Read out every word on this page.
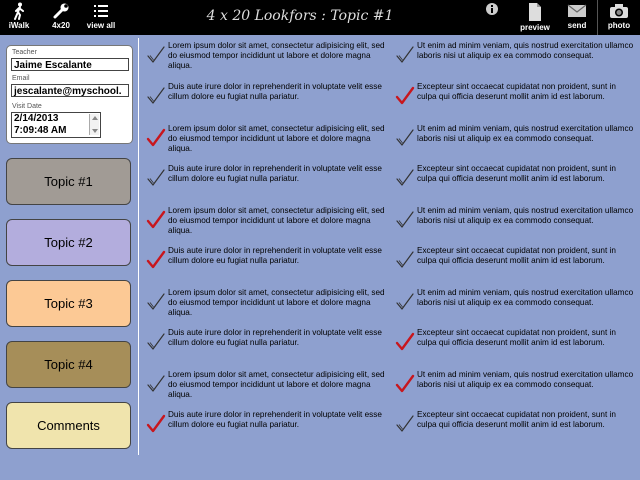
iWalk	4x20	view all
4 x 20 Lookfors : Topic #1
preview	send	photo
Teacher
Jaime Escalante
Email
jescalante@myschool.
Visit Date
2/14/2013
7:09:48 AM
Topic #1
Topic #2
Topic #3
Topic #4
Comments
Lorem ipsum dolor sit amet, consectetur adipisicing elit, sed do eiusmod tempor incididunt ut labore et dolore magna aliqua.
Ut enim ad minim veniam, quis nostrud exercitation ullamco laboris nisi ut aliquip ex ea commodo consequat.
Duis aute irure dolor in reprehenderit in voluptate velit esse cillum dolore eu fugiat nulla pariatur.
Excepteur sint occaecat cupidatat non proident, sunt in culpa qui officia deserunt mollit anim id est laborum.
Lorem ipsum dolor sit amet, consectetur adipisicing elit, sed do eiusmod tempor incididunt ut labore et dolore magna aliqua.
Ut enim ad minim veniam, quis nostrud exercitation ullamco laboris nisi ut aliquip ex ea commodo consequat.
Duis aute irure dolor in reprehenderit in voluptate velit esse cillum dolore eu fugiat nulla pariatur.
Excepteur sint occaecat cupidatat non proident, sunt in culpa qui officia deserunt mollit anim id est laborum.
Lorem ipsum dolor sit amet, consectetur adipisicing elit, sed do eiusmod tempor incididunt ut labore et dolore magna aliqua.
Ut enim ad minim veniam, quis nostrud exercitation ullamco laboris nisi ut aliquip ex ea commodo consequat.
Duis aute irure dolor in reprehenderit in voluptate velit esse cillum dolore eu fugiat nulla pariatur.
Excepteur sint occaecat cupidatat non proident, sunt in culpa qui officia deserunt mollit anim id est laborum.
Lorem ipsum dolor sit amet, consectetur adipisicing elit, sed do eiusmod tempor incididunt ut labore et dolore magna aliqua.
Ut enim ad minim veniam, quis nostrud exercitation ullamco laboris nisi ut aliquip ex ea commodo consequat.
Duis aute irure dolor in reprehenderit in voluptate velit esse cillum dolore eu fugiat nulla pariatur.
Excepteur sint occaecat cupidatat non proident, sunt in culpa qui officia deserunt mollit anim id est laborum.
Lorem ipsum dolor sit amet, consectetur adipisicing elit, sed do eiusmod tempor incididunt ut labore et dolore magna aliqua.
Ut enim ad minim veniam, quis nostrud exercitation ullamco laboris nisi ut aliquip ex ea commodo consequat.
Duis aute irure dolor in reprehenderit in voluptate velit esse cillum dolore eu fugiat nulla pariatur.
Excepteur sint occaecat cupidatat non proident, sunt in culpa qui officia deserunt mollit anim id est laborum.
